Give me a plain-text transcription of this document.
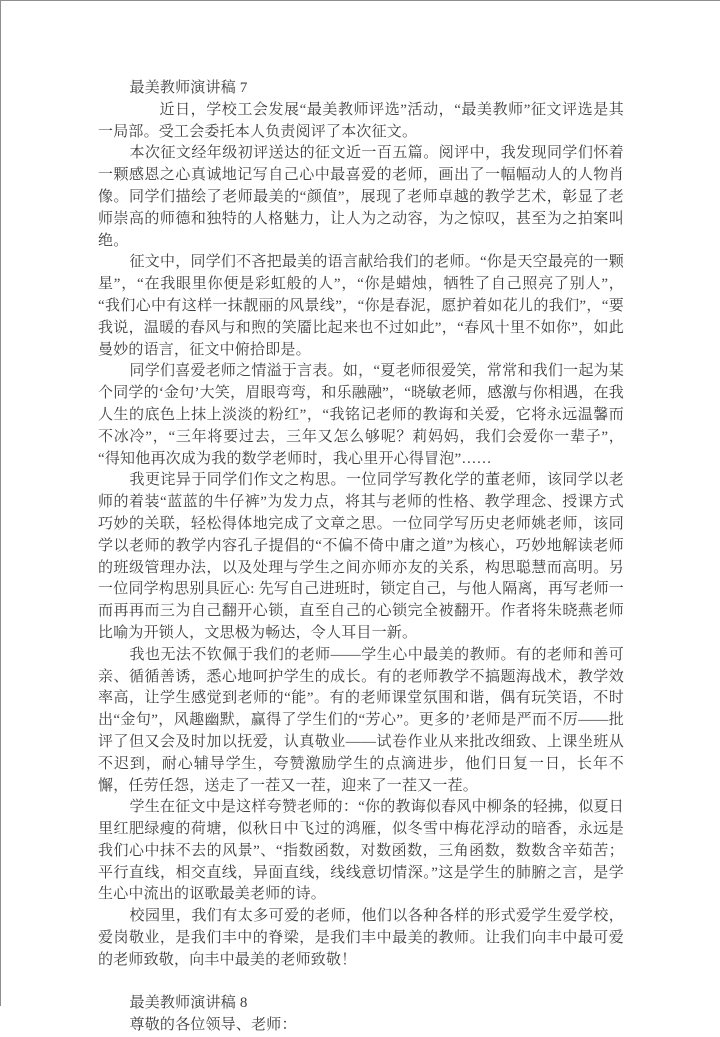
最美教师演讲稿 7

近日，学校工会发展“最美教师评选”活动，“最美教师”征文评选是其一局部。受工会委托本人负责阅评了本次征文。

本次征文经年级初评送达的征文近一百五篇。阅评中，我发现同学们怀着一颗感恩之心真诚地记写自己心中最喜爱的老师，画出了一幅幅动人的人物肖像。同学们描绘了老师最美的“颜值”，展现了老师卓越的教学艺术，彰显了老师崇高的师德和独特的人格魅力，让人为之动容，为之惊叹，甚至为之拍案叫绝。

征文中，同学们不吝把最美的语言献给我们的老师。“你是天空最亮的一颗星”，“在我眼里你便是彩虹般的人”，“你是蜡烛，牺牲了自己照亮了别人”，“我们心中有这样一抹靓丽的风景线”，“你是春泥，愿护着如花儿的我们”，“要我说，温暖的春风与和煦的笑靥比起来也不过如此”，“春风十里不如你”，如此曼妙的语言，征文中俯拾即是。

同学们喜爱老师之情溢于言表。如，“夏老师很爱笑，常常和我们一起为某个同学的‘金句’大笑，眉眼弯弯，和乐融融”，“晓敏老师，感激与你相遇，在我人生的底色上抹上淡淡的粉红”，“我铭记老师的教诲和关爱，它将永远温馨而不冰冷”，“三年将要过去，三年又怎么够呢？莉妈妈，我们会爱你一辈子”，“得知他再次成为我的数学老师时，我心里开心得冒泡”……

我更诧异于同学们作文之构思。一位同学写教化学的董老师，该同学以老师的着装“蓝蓝的牛仔裤”为发力点，将其与老师的性格、教学理念、授课方式巧妙的关联，轻松得体地完成了文章之思。一位同学写历史老师姚老师，该同学以老师的教学内容孔子提倡的“不偏不倚中庸之道”为核心，巧妙地解读老师的班级管理办法，以及处理与学生之间亦师亦友的关系，构思聪慧而高明。另一位同学构思别具匠心: 先写自己进班时，锁定自己，与他人隔离，再写老师一而再再而三为自己翻开心锁，直至自己的心锁完全被翻开。作者将朱晓燕老师比喻为开锁人，文思极为畅达，令人耳目一新。

我也无法不钦佩于我们的老师——学生心中最美的教师。有的老师和善可亲、循循善诱，悉心地呵护学生的成长。有的老师教学不搞题海战术，教学效率高，让学生感觉到老师的“能”。有的老师课堂氛围和谐，偶有玩笑语，不时出“金句”，风趣幽默，赢得了学生们的“芳心”。更多的’老师是严而不厉——批评了但又会及时加以抚爱，认真敬业——试卷作业从来批改细致、上课坐班从不迟到，耐心辅导学生，夸赞激励学生的点滴进步，他们日复一日，长年不懈，任劳任怨，送走了一茬又一茬，迎来了一茬又一茬。

学生在征文中是这样夸赞老师的：“你的教诲似春风中柳条的轻拂，似夏日里红肥绿瘦的荷塘，似秋日中飞过的鸿雁，似冬雪中梅花浮动的暗香，永远是我们心中抹不去的风景”、“指数函数，对数函数，三角函数，数数含辛茹苦；平行直线，相交直线，异面直线，线线意切情深。”这是学生的肺腑之言，是学生心中流出的讴歌最美老师的诗。

校园里，我们有太多可爱的老师，他们以各种各样的形式爱学生爱学校，爱岗敬业，是我们丰中的脊梁，是我们丰中最美的教师。让我们向丰中最可爱的老师致敬，向丰中最美的老师致敬！

最美教师演讲稿 8

尊敬的各位领导、老师：
